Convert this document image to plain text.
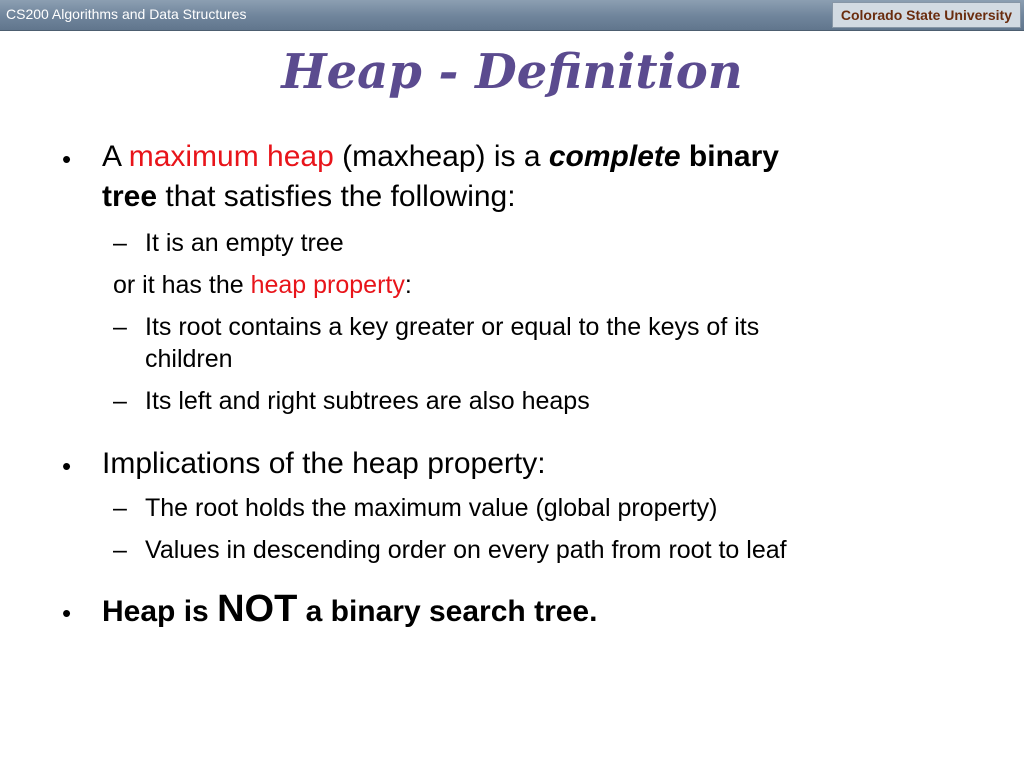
CS200 Algorithms and Data Structures	Colorado State University
Heap - Definition
• A maximum heap (maxheap) is a complete binary
tree that satisfies the following:
– It is an empty tree
or it has the heap property:
– Its root contains a key greater or equal to the keys of its
children
– Its left and right subtrees are also heaps
• Implications of the heap property:
– The root holds the maximum value (global property)
– Values in descending order on every path from root to leaf
• Heap is NOT a binary search tree.
